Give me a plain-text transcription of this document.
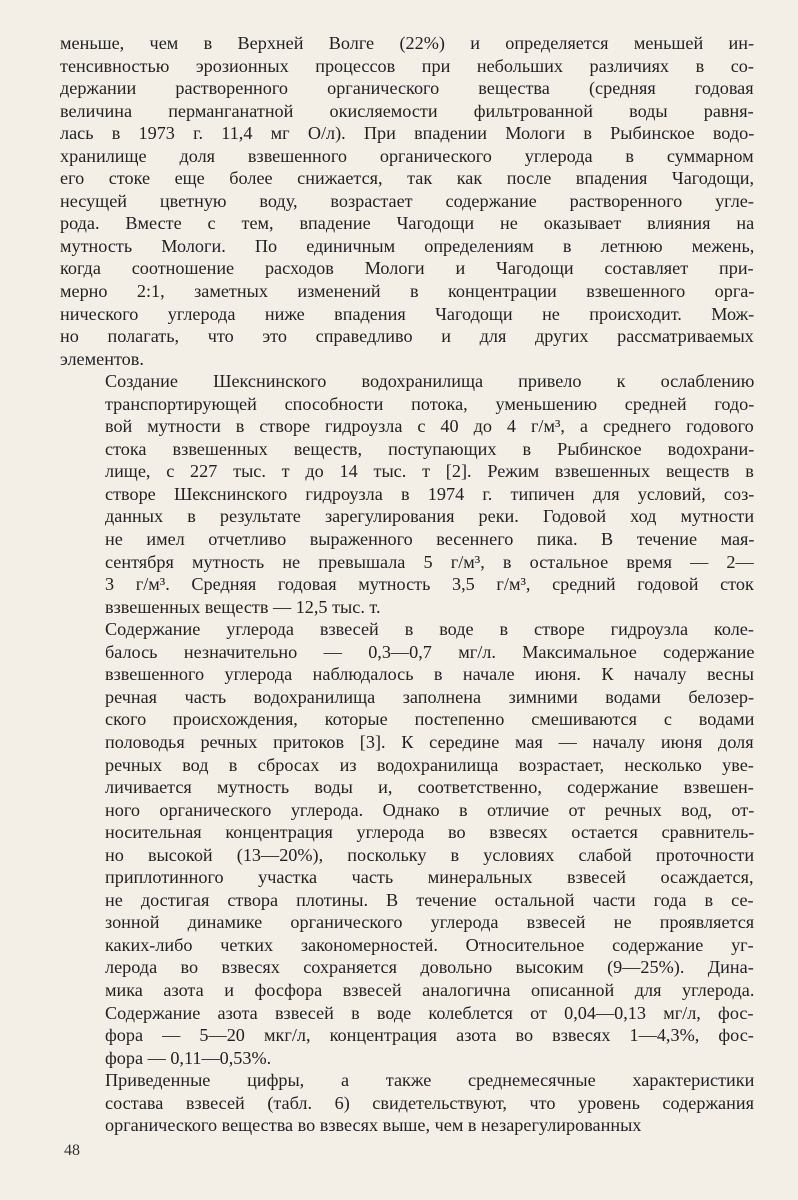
меньше, чем в Верхней Волге (22%) и определяется меньшей ин-
тенсивностью эрозионных процессов при небольших различиях в со-
держании растворенного органического вещества (средняя годовая
величина перманганатной окисляемости фильтрованной воды равня-
лась в 1973 г. 11,4 мг О/л). При впадении Мологи в Рыбинское водо-
хранилище доля взвешенного органического углерода в суммарном
его стоке еще более снижается, так как после впадения Чагодощи,
несущей цветную воду, возрастает содержание растворенного угле-
рода. Вместе с тем, впадение Чагодощи не оказывает влияния на
мутность Мологи. По единичным определениям в летнюю межень,
когда соотношение расходов Мологи и Чагодощи составляет при-
мерно 2:1, заметных изменений в концентрации взвешенного орга-
нического углерода ниже впадения Чагодощи не происходит. Мож-
но полагать, что это справедливо и для других рассматриваемых
элементов.

Создание Шекснинского водохранилища привело к ослаблению
транспортирующей способности потока, уменьшению средней годо-
вой мутности в створе гидроузла с 40 до 4 г/м³, а среднего годового
стока взвешенных веществ, поступающих в Рыбинское водохрани-
лище, с 227 тыс. т до 14 тыс. т [2]. Режим взвешенных веществ в
створе Шекснинского гидроузла в 1974 г. типичен для условий, соз-
данных в результате зарегулирования реки. Годовой ход мутности
не имел отчетливо выраженного весеннего пика. В течение мая-
сентября мутность не превышала 5 г/м³, в остальное время — 2—
3 г/м³. Средняя годовая мутность 3,5 г/м³, средний годовой сток
взвешенных веществ — 12,5 тыс. т.

Содержание углерода взвесей в воде в створе гидроузла коле-
балось незначительно — 0,3—0,7 мг/л. Максимальное содержание
взвешенного углерода наблюдалось в начале июня. К началу весны
речная часть водохранилища заполнена зимними водами белозер-
ского происхождения, которые постепенно смешиваются с водами
половодья речных притоков [3]. К середине мая — началу июня доля
речных вод в сбросах из водохранилища возрастает, несколько уве-
личивается мутность воды и, соответственно, содержание взвешен-
ного органического углерода. Однако в отличие от речных вод, от-
носительная концентрация углерода во взвесях остается сравнитель-
но высокой (13—20%), поскольку в условиях слабой проточности
приплотинного участка часть минеральных взвесей осаждается,
не достигая створа плотины. В течение остальной части года в се-
зонной динамике органического углерода взвесей не проявляется
каких-либо четких закономерностей. Относительное содержание уг-
лерода во взвесях сохраняется довольно высоким (9—25%). Дина-
мика азота и фосфора взвесей аналогична описанной для углерода.
Содержание азота взвесей в воде колеблется от 0,04—0,13 мг/л, фос-
фора — 5—20 мкг/л, концентрация азота во взвесях 1—4,3%, фос-
фора — 0,11—0,53%.

Приведенные цифры, а также среднемесячные характеристики
состава взвесей (табл. 6) свидетельствуют, что уровень содержания
органического вещества во взвесях выше, чем в незарегулированных

48
